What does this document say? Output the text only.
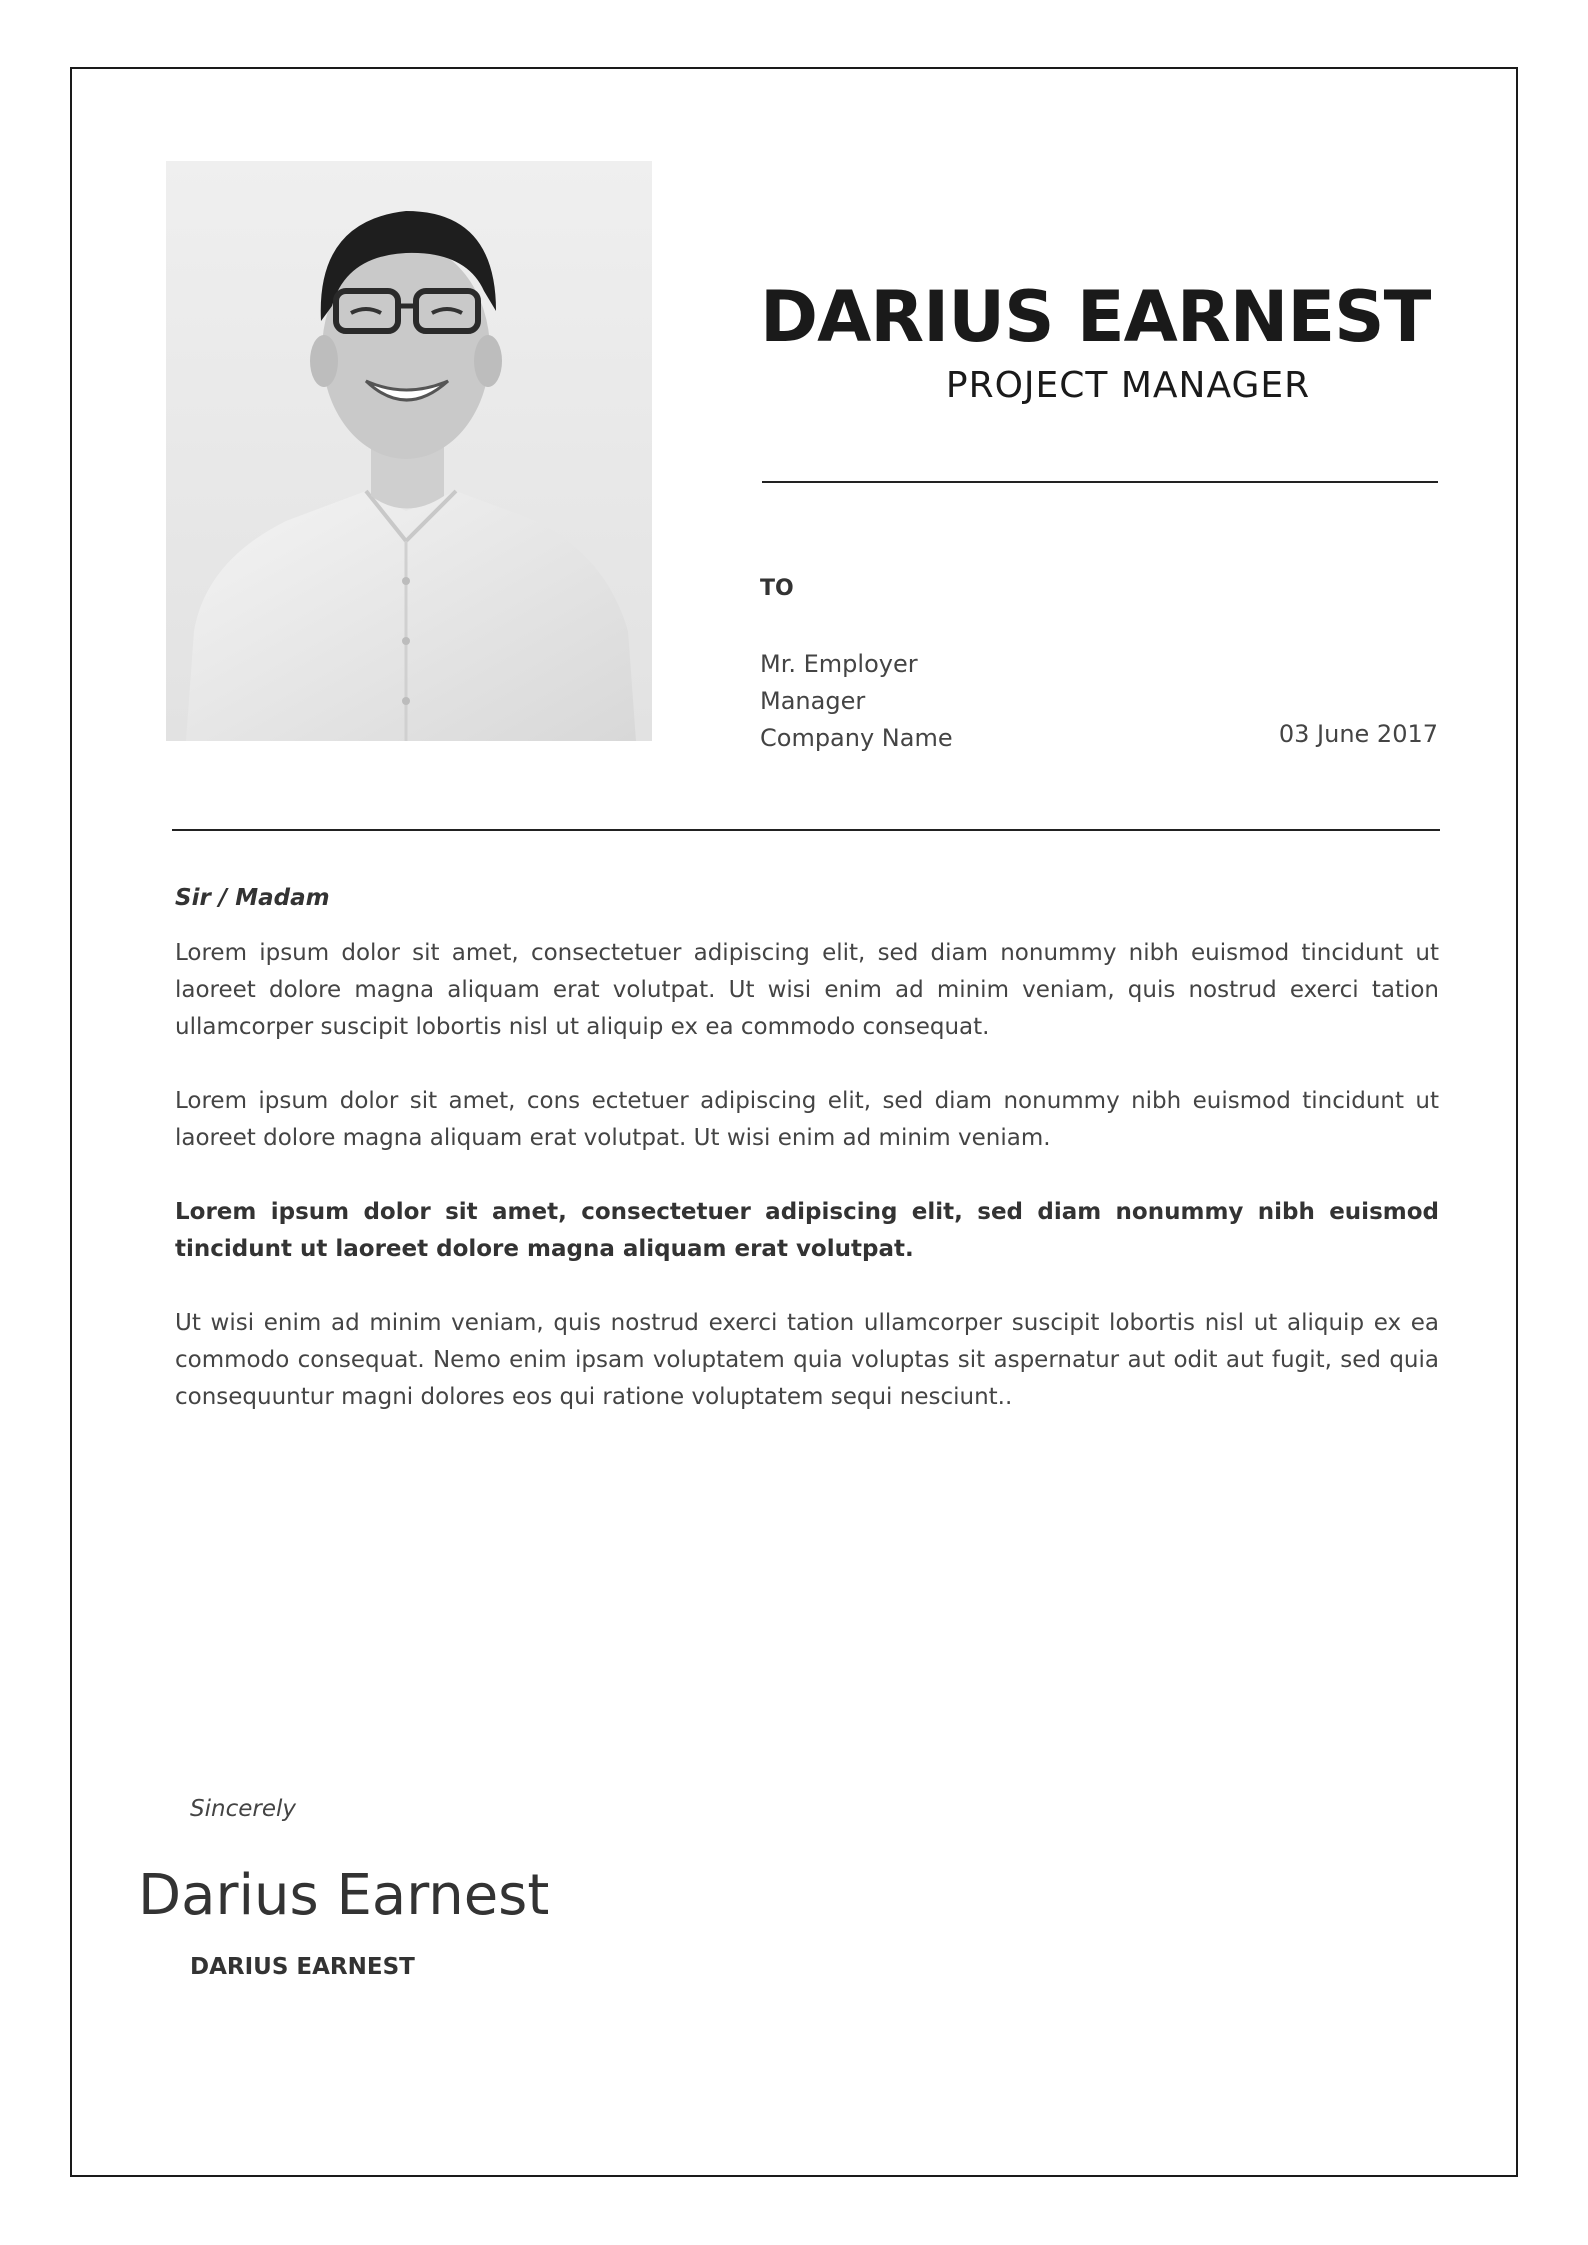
DARIUS EARNEST
PROJECT MANAGER
TO
Mr. Employer
Manager
Company Name	03 June 2017
Sir / Madam

Lorem ipsum dolor sit amet, consectetuer adipiscing elit, sed diam nonummy nibh euismod tincidunt ut laoreet dolore magna aliquam erat volutpat. Ut wisi enim ad minim veniam, quis nostrud exerci tation ullamcorper suscipit lobortis nisl ut aliquip ex ea commodo consequat.

Lorem ipsum dolor sit amet, cons ectetuer adipiscing elit, sed diam nonummy nibh euismod tincidunt ut laoreet dolore magna aliquam erat volutpat. Ut wisi enim ad minim veniam.

Lorem ipsum dolor sit amet, consectetuer adipiscing elit, sed diam nonummy nibh euismod tincidunt ut laoreet dolore magna aliquam erat volutpat.

Ut wisi enim ad minim veniam, quis nostrud exerci tation ullamcorper suscipit lobortis nisl ut aliquip ex ea commodo consequat. Nemo enim ipsam voluptatem quia voluptas sit aspernatur aut odit aut fugit, sed quia consequuntur magni dolores eos qui ratione voluptatem sequi nesciunt..

Sincerely
Darius Earnest
DARIUS EARNEST
